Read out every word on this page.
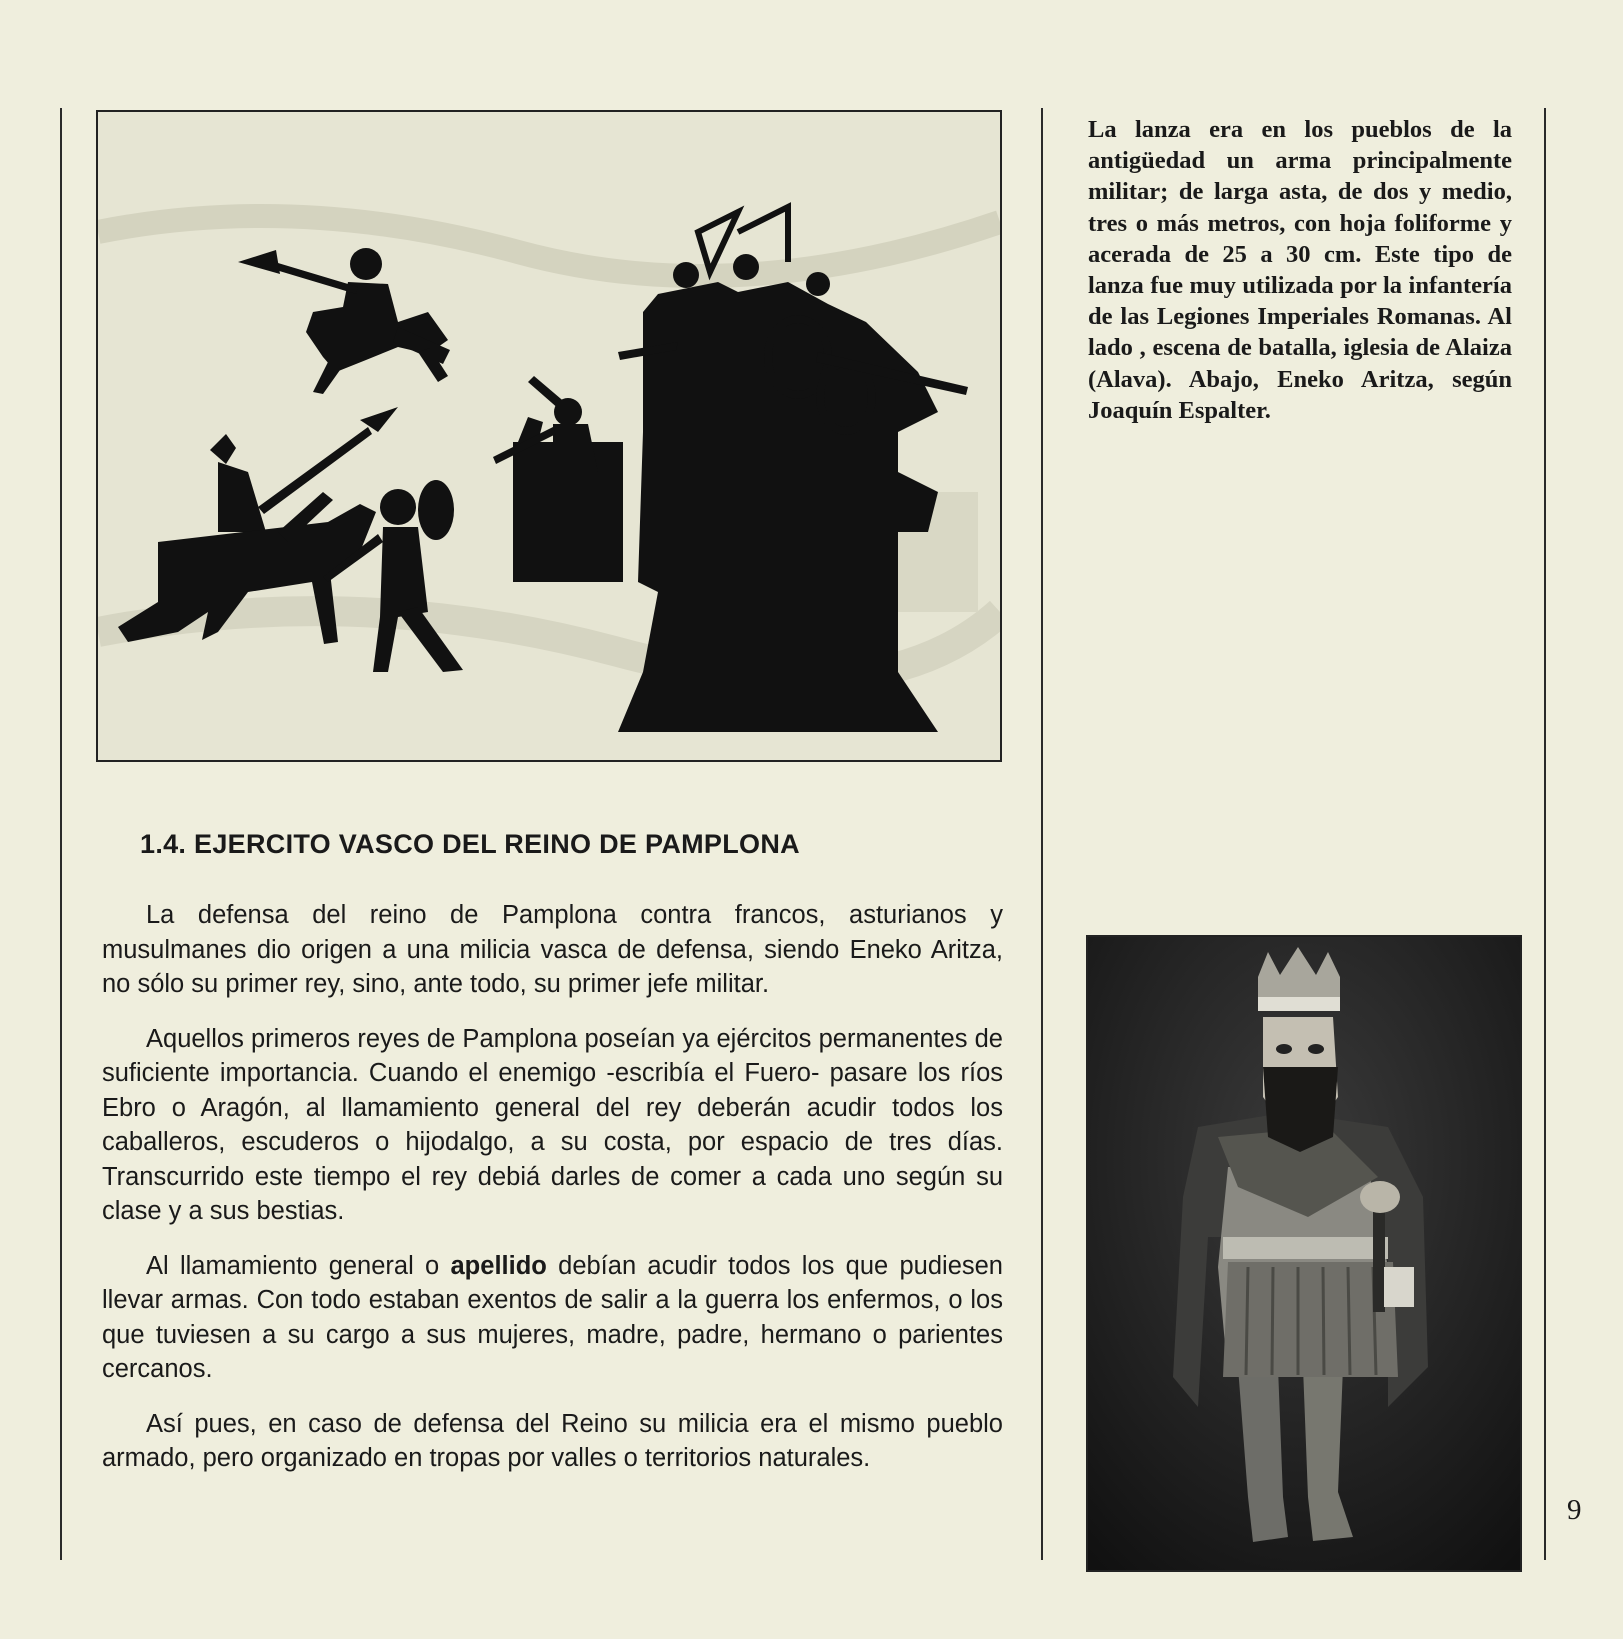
La lanza era en los pueblos de la antigüedad un arma principalmente militar; de larga asta, de dos y medio, tres o más metros, con hoja foliforme y acerada de 25 a 30 cm. Este tipo de lanza fue muy utilizada por la infantería de las Legiones Imperiales Romanas. Al lado , escena de batalla, iglesia de Alaiza (Alava). Abajo, Eneko Aritza, según Joaquín Espalter.
1.4. EJERCITO VASCO DEL REINO DE PAMPLONA

La defensa del reino de Pamplona contra francos, asturianos y musulmanes dio origen a una milicia vasca de defensa, siendo Eneko Aritza, no sólo su primer rey, sino, ante todo, su primer jefe militar.

Aquellos primeros reyes de Pamplona poseían ya ejércitos permanentes de suficiente importancia. Cuando el enemigo -escribía el Fuero- pasare los ríos Ebro o Aragón, al llamamiento general del rey deberán acudir todos los caballeros, escuderos o hijodalgo, a su costa, por espacio de tres días. Transcurrido este tiempo el rey debiá darles de comer a cada uno según su clase y a sus bestias.

Al llamamiento general o apellido debían acudir todos los que pudiesen llevar armas. Con todo estaban exentos de salir a la guerra los enfermos, o los que tuviesen a su cargo a sus mujeres, madre, padre, hermano o parientes cercanos.

Así pues, en caso de defensa del Reino su milicia era el mismo pueblo armado, pero organizado en tropas por valles o territorios naturales.

9
